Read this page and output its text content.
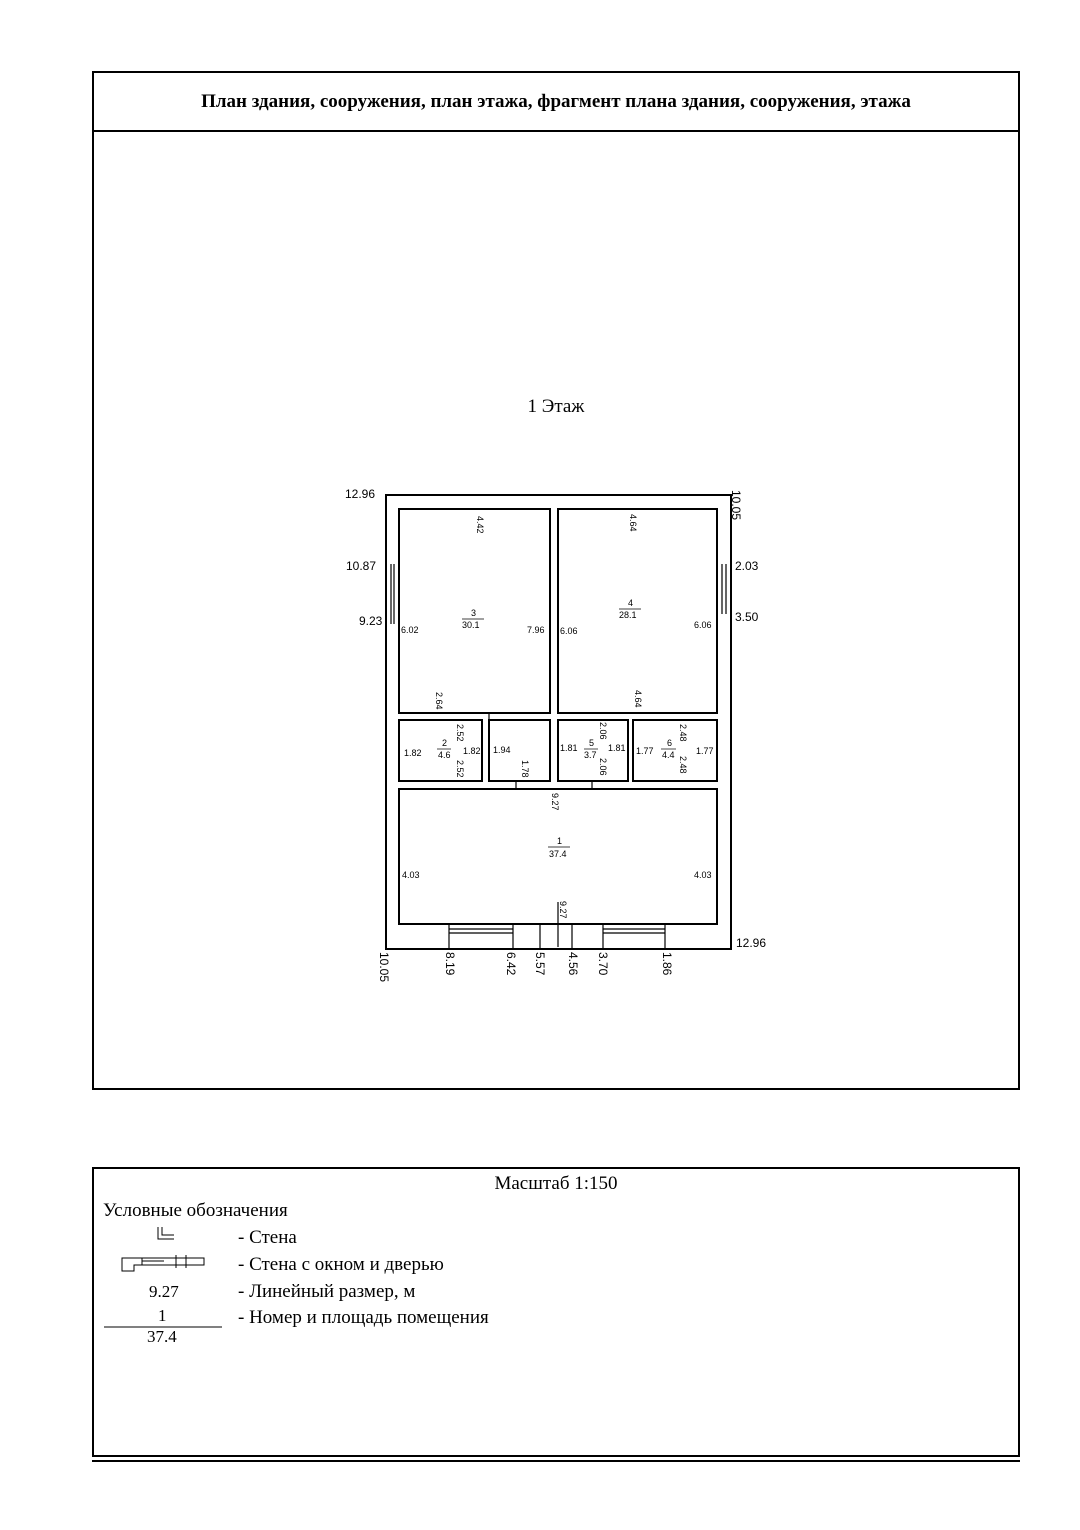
План здания, сооружения, план этажа, фрагмент плана здания, сооружения, этажа
1 Этаж
12.96	10.05
10.87
9.23
2.03
3.50
10.05
12.96
8.19	6.42 5.57 4.56 3.70	1.86
3
30.1
4.42
6.02	7.96
2.64
4
28.1
4.64
6.06
6.06
4.64
2
4.6
2.52
1.82	1.82
2.52
1.94
1.78
5
3.7
2.06
1.81	1.81
2.06
6
4.4
2.48
1.77	1.77
2.48
1
37.4
9.27
4.03	4.03
9.27
Масштаб 1:150
Условные обозначения
9.27
1
37.4
- Стена
- Стена с окном и дверью
- Линейный размер, м
- Номер и площадь помещения
